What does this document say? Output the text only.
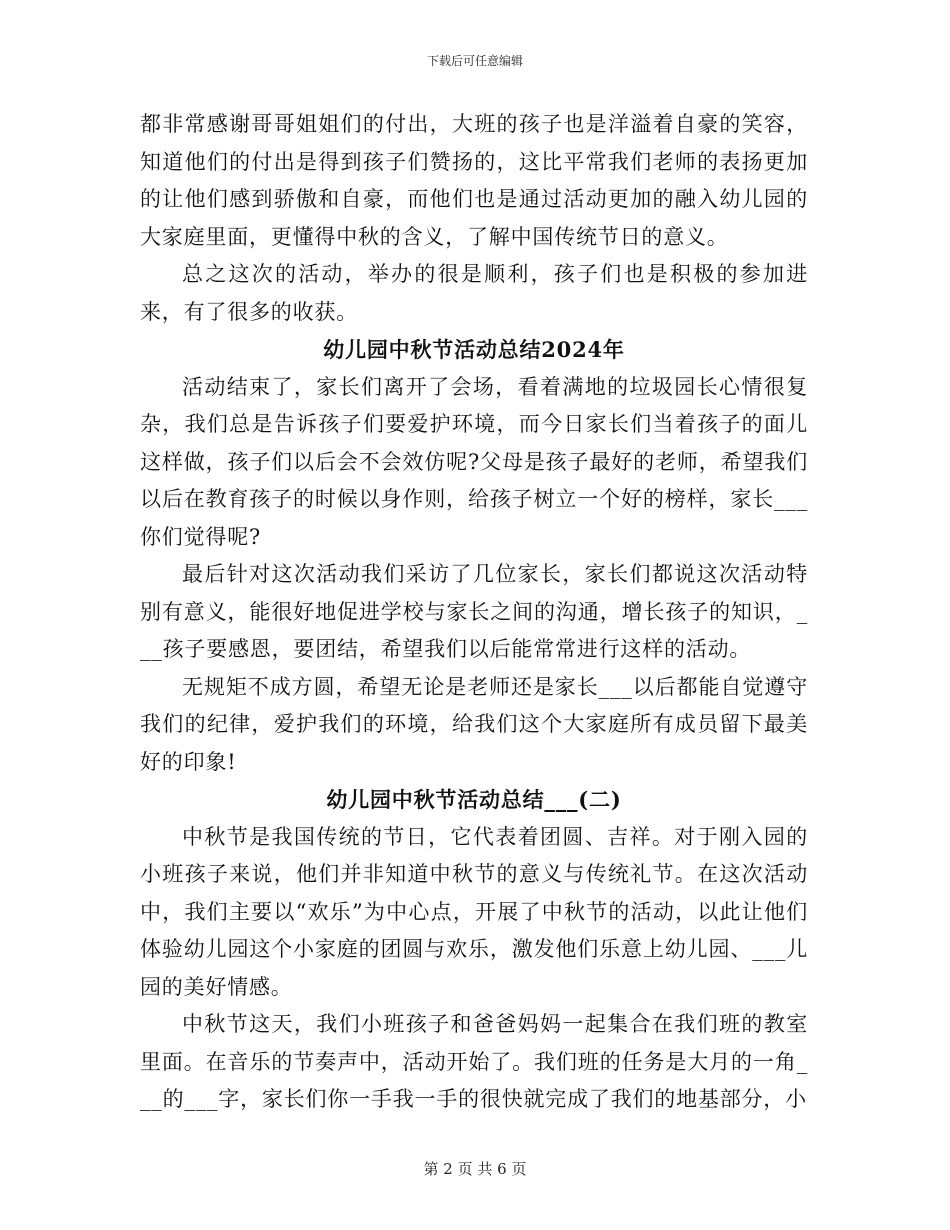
下载后可任意编辑

都非常感谢哥哥姐姐们的付出，大班的孩子也是洋溢着自豪的笑容，知道他们的付出是得到孩子们赞扬的，这比平常我们老师的表扬更加的让他们感到骄傲和自豪，而他们也是通过活动更加的融入幼儿园的大家庭里面，更懂得中秋的含义，了解中国传统节日的意义。

总之这次的活动，举办的很是顺利，孩子们也是积极的参加进来，有了很多的收获。

幼儿园中秋节活动总结2024年

活动结束了，家长们离开了会场，看着满地的垃圾园长心情很复杂，我们总是告诉孩子们要爱护环境，而今日家长们当着孩子的面儿这样做，孩子们以后会不会效仿呢?父母是孩子最好的老师，希望我们以后在教育孩子的时候以身作则，给孩子树立一个好的榜样，家长___你们觉得呢?

最后针对这次活动我们采访了几位家长，家长们都说这次活动特别有意义，能很好地促进学校与家长之间的沟通，增长孩子的知识，___孩子要感恩，要团结，希望我们以后能常常进行这样的活动。

无规矩不成方圆，希望无论是老师还是家长___以后都能自觉遵守我们的纪律，爱护我们的环境，给我们这个大家庭所有成员留下最美好的印象!

幼儿园中秋节活动总结___(二)

中秋节是我国传统的节日，它代表着团圆、吉祥。对于刚入园的小班孩子来说，他们并非知道中秋节的意义与传统礼节。在这次活动中，我们主要以“欢乐”为中心点，开展了中秋节的活动，以此让他们体验幼儿园这个小家庭的团圆与欢乐，激发他们乐意上幼儿园、___儿园的美好情感。

中秋节这天，我们小班孩子和爸爸妈妈一起集合在我们班的教室里面。在音乐的节奏声中，活动开始了。我们班的任务是大月的一角___的___字，家长们你一手我一手的很快就完成了我们的地基部分，小

第 2 页 共 6 页
